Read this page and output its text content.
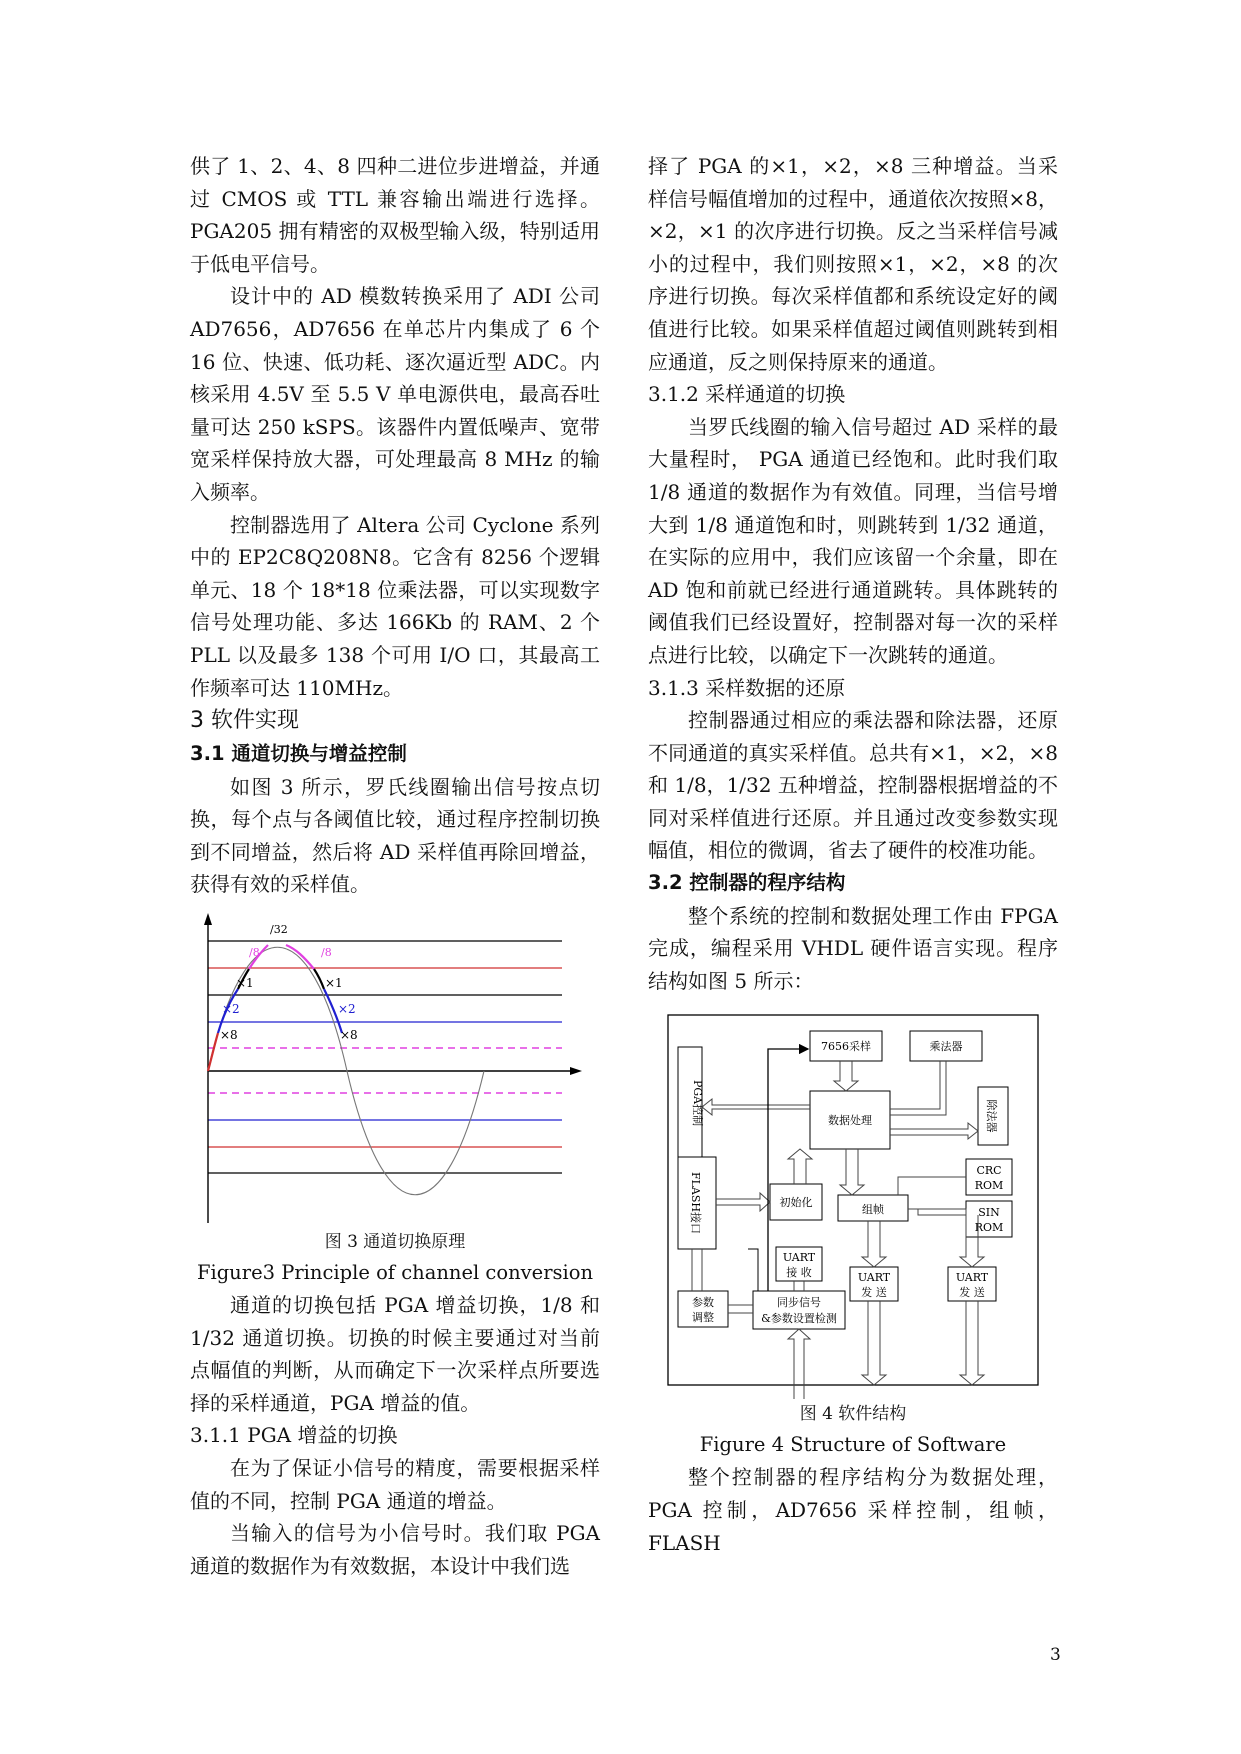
供了 1、2、4、8 四种二进位步进增益，并通过 CMOS 或 TTL 兼容输出端进行选择。PGA205 拥有精密的双极型输入级，特别适用于低电平信号。

设计中的 AD 模数转换采用了 ADI 公司 AD7656，AD7656 在单芯片内集成了 6 个 16 位、快速、低功耗、逐次逼近型 ADC。内核采用 4.5V 至 5.5 V 单电源供电，最高吞吐量可达 250 kSPS。该器件内置低噪声、宽带宽采样保持放大器，可处理最高 8 MHz 的输入频率。

控制器选用了 Altera 公司 Cyclone 系列中的 EP2C8Q208N8。它含有 8256 个逻辑单元、18 个 18*18 位乘法器，可以实现数字信号处理功能、多达 166Kb 的 RAM、2 个 PLL 以及最多 138 个可用 I/O 口，其最高工作频率可达 110MHz。

3 软件实现

3.1 通道切换与增益控制

如图 3 所示，罗氏线圈输出信号按点切换，每个点与各阈值比较，通过程序控制切换到不同增益，然后将 AD 采样值再除回增益，获得有效的采样值。

/32
/8	/8
×1	×1
×2	×2
×8	×8

图 3 通道切换原理

Figure3 Principle of channel conversion

通道的切换包括 PGA 增益切换，1/8 和 1/32 通道切换。切换的时候主要通过对当前点幅值的判断，从而确定下一次采样点所要选择的采样通道，PGA 增益的值。

3.1.1 PGA 增益的切换

在为了保证小信号的精度，需要根据采样值的不同，控制 PGA 通道的增益。

当输入的信号为小信号时。我们取 PGA 通道的数据作为有效数据，本设计中我们选

择了 PGA 的×1，×2，×8 三种增益。当采样信号幅值增加的过程中，通道依次按照×8，×2，×1 的次序进行切换。反之当采样信号减小的过程中，我们则按照×1，×2，×8 的次序进行切换。每次采样值都和系统设定好的阈值进行比较。如果采样值超过阈值则跳转到相应通道，反之则保持原来的通道。

3.1.2 采样通道的切换

当罗氏线圈的输入信号超过 AD 采样的最大量程时， PGA 通道已经饱和。此时我们取 1/8 通道的数据作为有效值。同理，当信号增大到 1/8 通道饱和时，则跳转到 1/32 通道，在实际的应用中，我们应该留一个余量，即在 AD 饱和前就已经进行通道跳转。具体跳转的阈值我们已经设置好，控制器对每一次的采样点进行比较，以确定下一次跳转的通道。

3.1.3 采样数据的还原

控制器通过相应的乘法器和除法器，还原不同通道的真实采样值。总共有×1，×2，×8 和 1/8，1/32 五种增益，控制器根据增益的不同对采样值进行还原。并且通过改变参数实现幅值，相位的微调，省去了硬件的校准功能。

3.2 控制器的程序结构

整个系统的控制和数据处理工作由 FPGA 完成，编程采用 VHDL 硬件语言实现。程序结构如图 5 所示：

7656采样	乘法器
PGA控制	数据处理	除法器
CRC
ROM
FLASH接口	初始化
组帧	SIN
ROM
UART
接 收	UART
发 送
UART
发 送
参数
调整
同步信号
&参数设置检测

图 4 软件结构

Figure 4 Structure of Software

整个控制器的程序结构分为数据处理，PGA 控制，AD7656 采样控制，组帧，FLASH

3
